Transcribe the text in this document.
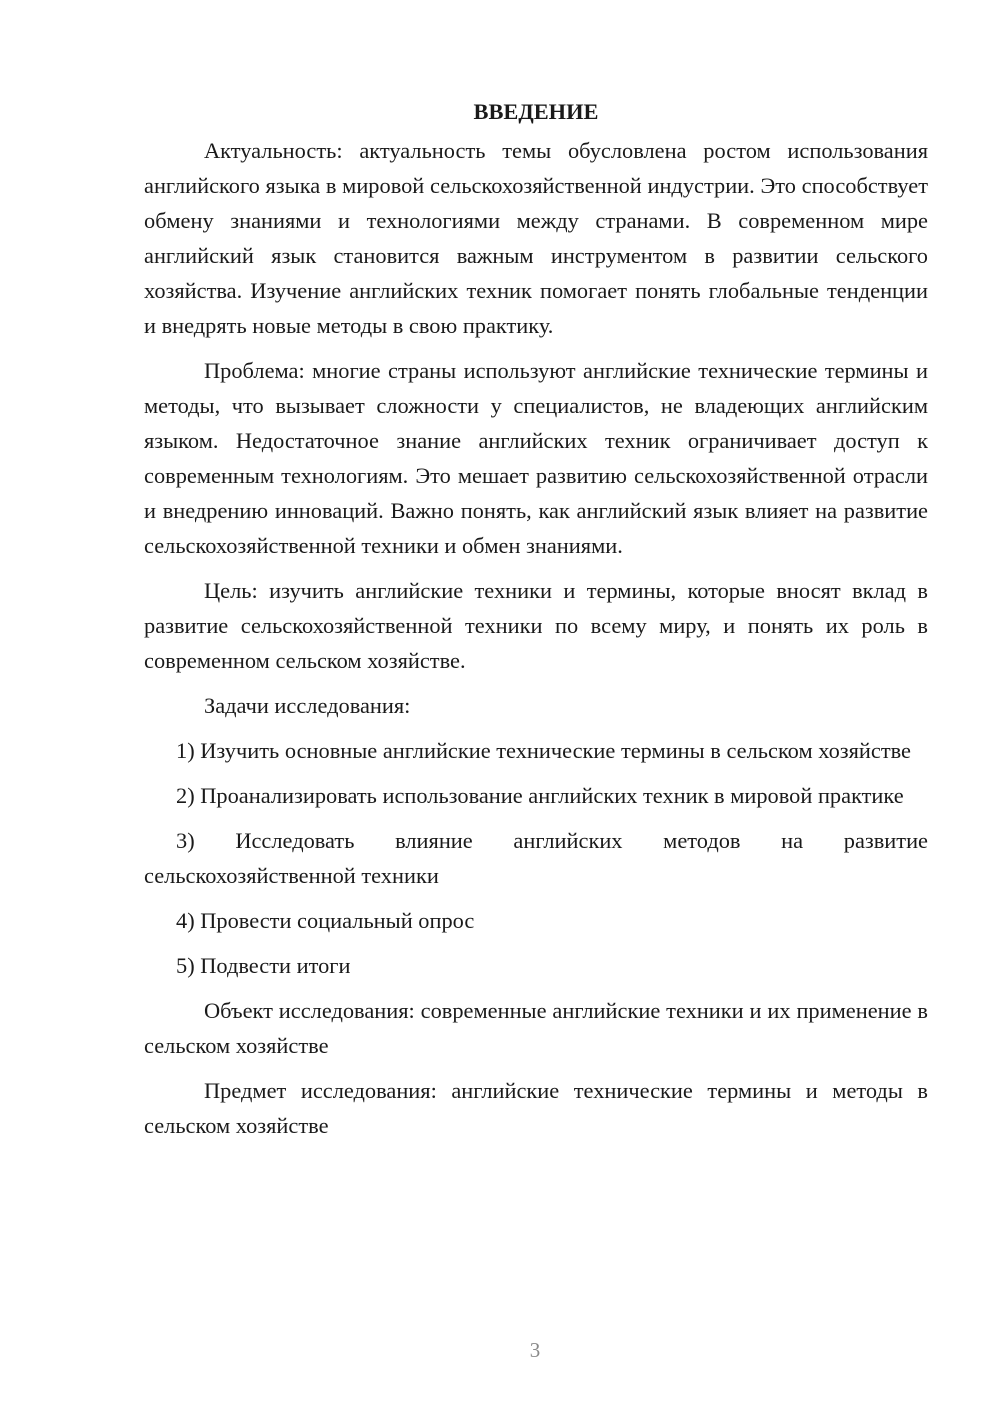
ВВЕДЕНИЕ

Актуальность: актуальность темы обусловлена ростом использования английского языка в мировой сельскохозяйственной индустрии. Это способствует обмену знаниями и технологиями между странами. В современном мире английский язык становится важным инструментом в развитии сельского хозяйства. Изучение английских техник помогает понять глобальные тенденции и внедрять новые методы в свою практику.

Проблема: многие страны используют английские технические термины и методы, что вызывает сложности у специалистов, не владеющих английским языком. Недостаточное знание английских техник ограничивает доступ к современным технологиям. Это мешает развитию сельскохозяйственной отрасли и внедрению инноваций. Важно понять, как английский язык влияет на развитие сельскохозяйственной техники и обмен знаниями.

Цель: изучить английские техники и термины, которые вносят вклад в развитие сельскохозяйственной техники по всему миру, и понять их роль в современном сельском хозяйстве.

Задачи исследования:

1) Изучить основные английские технические термины в сельском хозяйстве

2) Проанализировать использование английских техник в мировой практике

3) Исследовать влияние английских методов на развитие сельскохозяйственной техники

4) Провести социальный опрос

5) Подвести итоги

Объект исследования: современные английские техники и их применение в сельском хозяйстве

Предмет исследования: английские технические термины и методы в сельском хозяйстве

3
